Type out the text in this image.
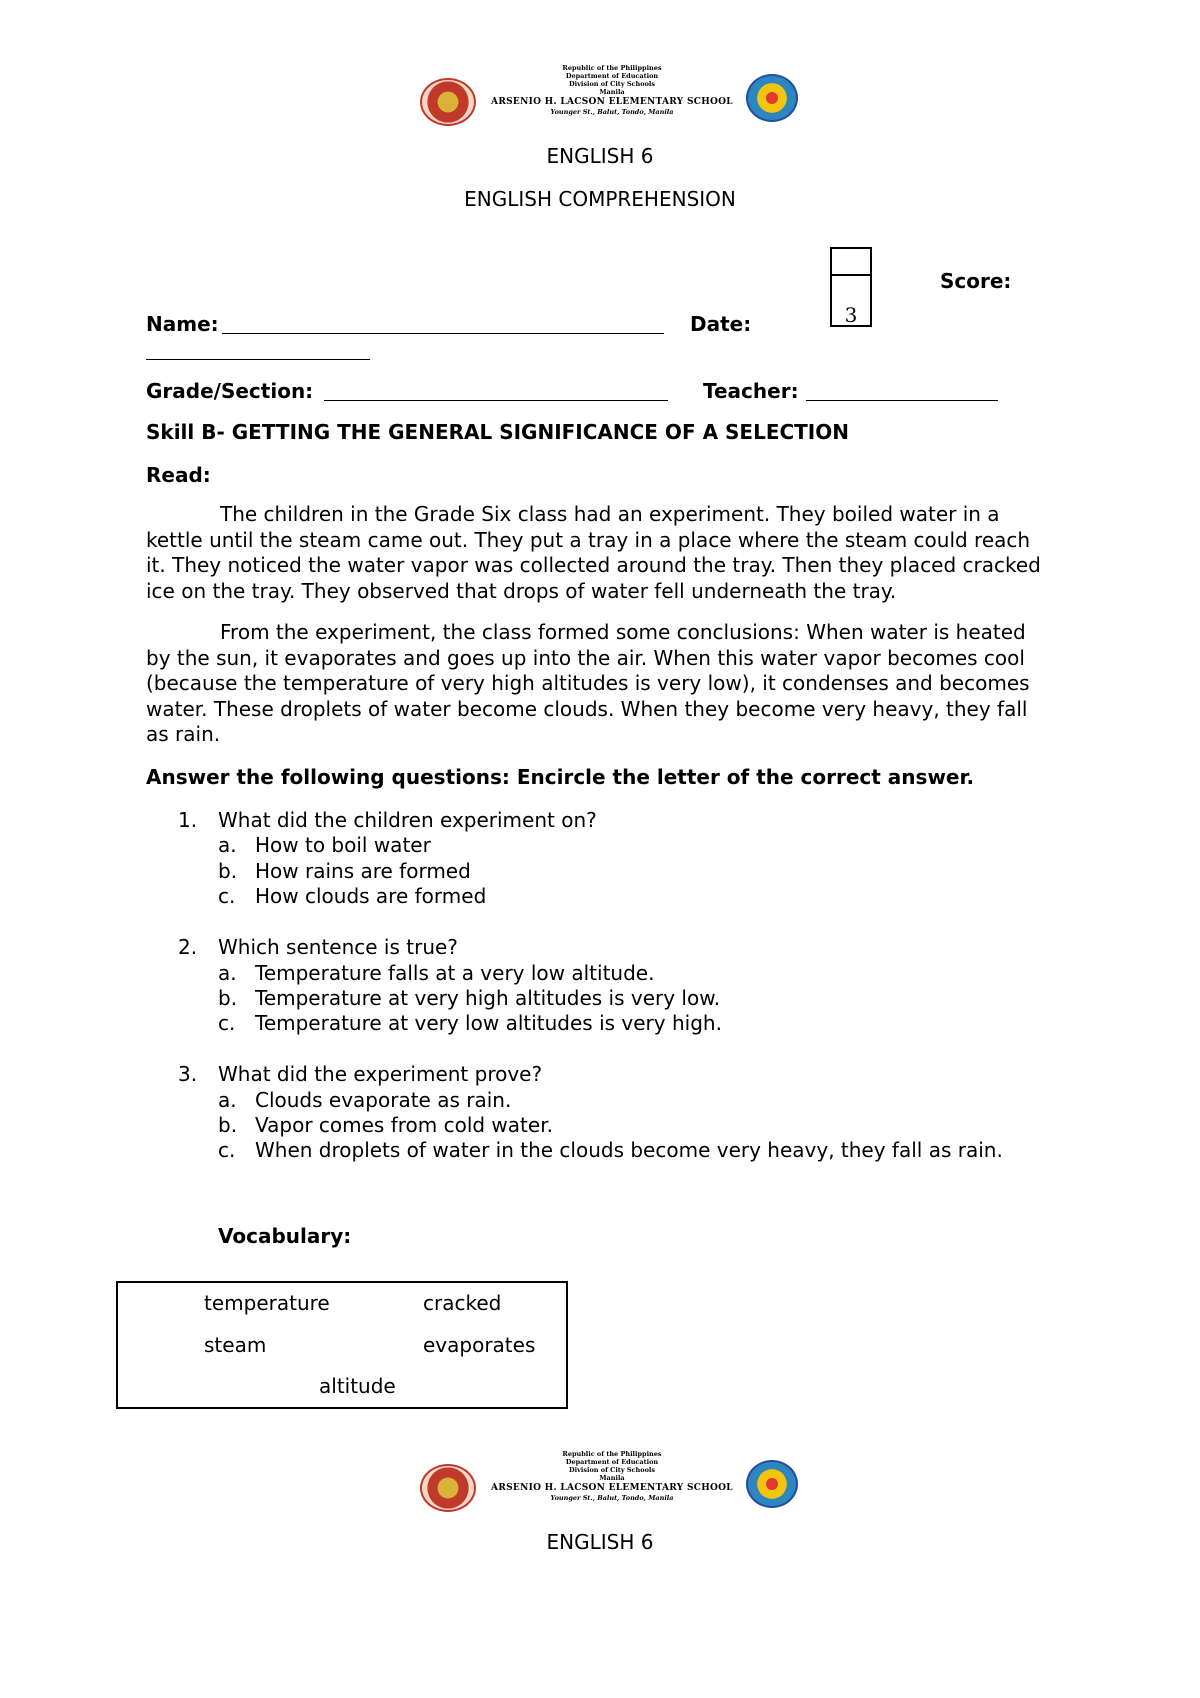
Republic of the Philippines
Department of Education
Division of City Schools
Manila
ARSENIO H. LACSON ELEMENTARY SCHOOL
Younger St., Balut, Tondo, Manila
ENGLISH 6
ENGLISH COMPREHENSION
3
Score:
Name:	Date:
Grade/Section:	Teacher:
Skill B- GETTING THE GENERAL SIGNIFICANCE OF A SELECTION
Read:
The children in the Grade Six class had an experiment. They boiled water in a kettle until the steam came out. They put a tray in a place where the steam could reach it. They noticed the water vapor was collected around the tray. Then they placed cracked ice on the tray. They observed that drops of water fell underneath the tray.
From the experiment, the class formed some conclusions: When water is heated by the sun, it evaporates and goes up into the air. When this water vapor becomes cool (because the temperature of very high altitudes is very low), it condenses and becomes water. These droplets of water become clouds. When they become very heavy, they fall as rain.
Answer the following questions: Encircle the letter of the correct answer.
1.	What did the children experiment on?
a. How to boil water
b. How rains are formed
c. How clouds are formed
2.	Which sentence is true?
a. Temperature falls at a very low altitude.
b. Temperature at very high altitudes is very low.
c. Temperature at very low altitudes is very high.
3.	What did the experiment prove?
a. Clouds evaporate as rain.
b. Vapor comes from cold water.
c. When droplets of water in the clouds become very heavy, they fall as rain.
Vocabulary:
temperature	cracked
steam	evaporates
altitude
Republic of the Philippines
Department of Education
Division of City Schools
Manila
ARSENIO H. LACSON ELEMENTARY SCHOOL
Younger St., Balut, Tondo, Manila
ENGLISH 6
